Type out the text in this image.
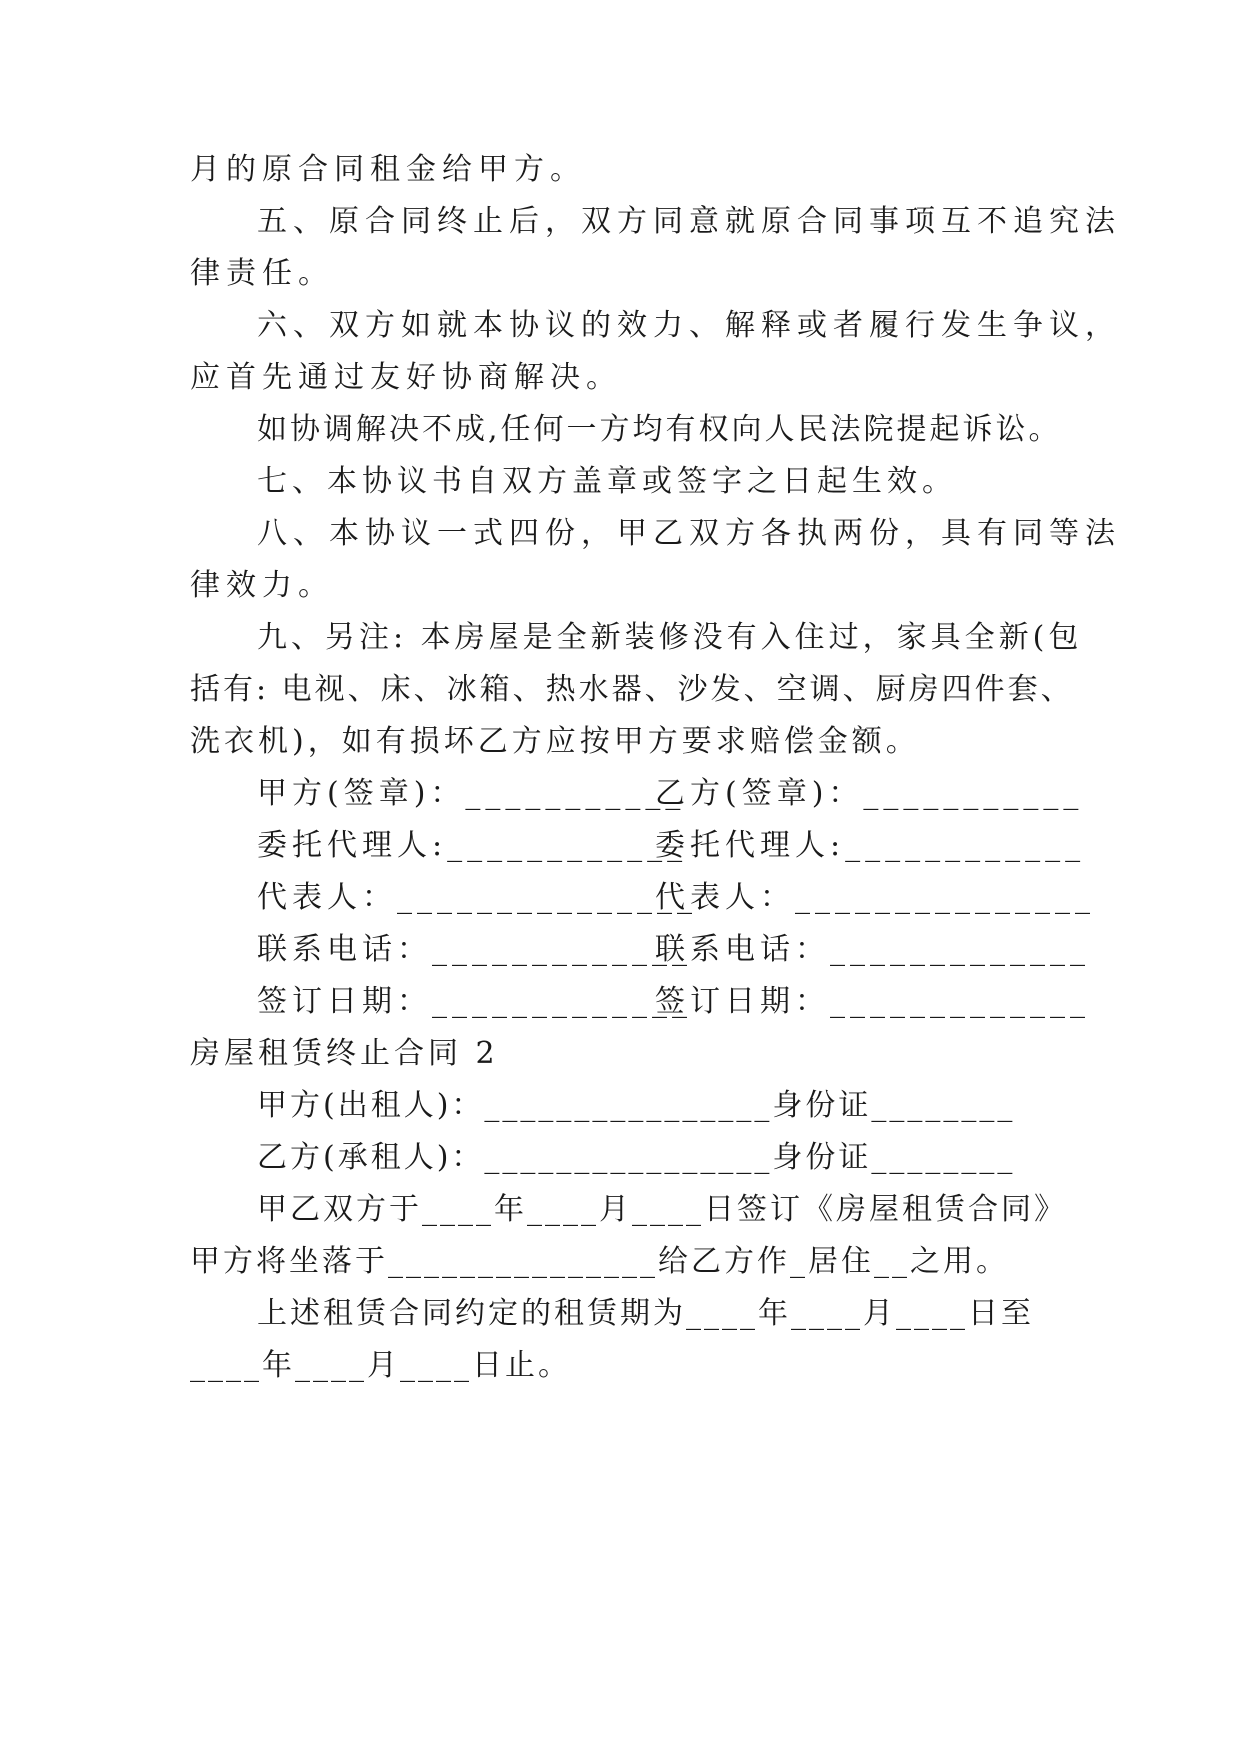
月的原合同租金给甲方。
五、原合同终止后，双方同意就原合同事项互不追究法
律责任。
六、双方如就本协议的效力、解释或者履行发生争议，
应首先通过友好协商解决。
如协调解决不成,任何一方均有权向人民法院提起诉讼。
七、本协议书自双方盖章或签字之日起生效。
八、本协议一式四份，甲乙双方各执两份，具有同等法
律效力。
九、另注: 本房屋是全新装修没有入住过，家具全新(包
括有: 电视、床、冰箱、热水器、沙发、空调、厨房四件套、
洗衣机)，如有损坏乙方应按甲方要求赔偿金额。
甲方(签章)：___________
乙方(签章)：___________
委托代理人:____________
委托代理人:____________
代表人：_______________
代表人：_______________
联系电话：_____________
联系电话：_____________
签订日期：_____________
签订日期：_____________
房屋租赁终止合同 2
甲方(出租人)：________________身份证________
乙方(承租人)：________________身份证________
甲乙双方于____年____月____日签订《房屋租赁合同》
甲方将坐落于_______________给乙方作_居住__之用。
上述租赁合同约定的租赁期为____年____月____日至
____年____月____日止。
